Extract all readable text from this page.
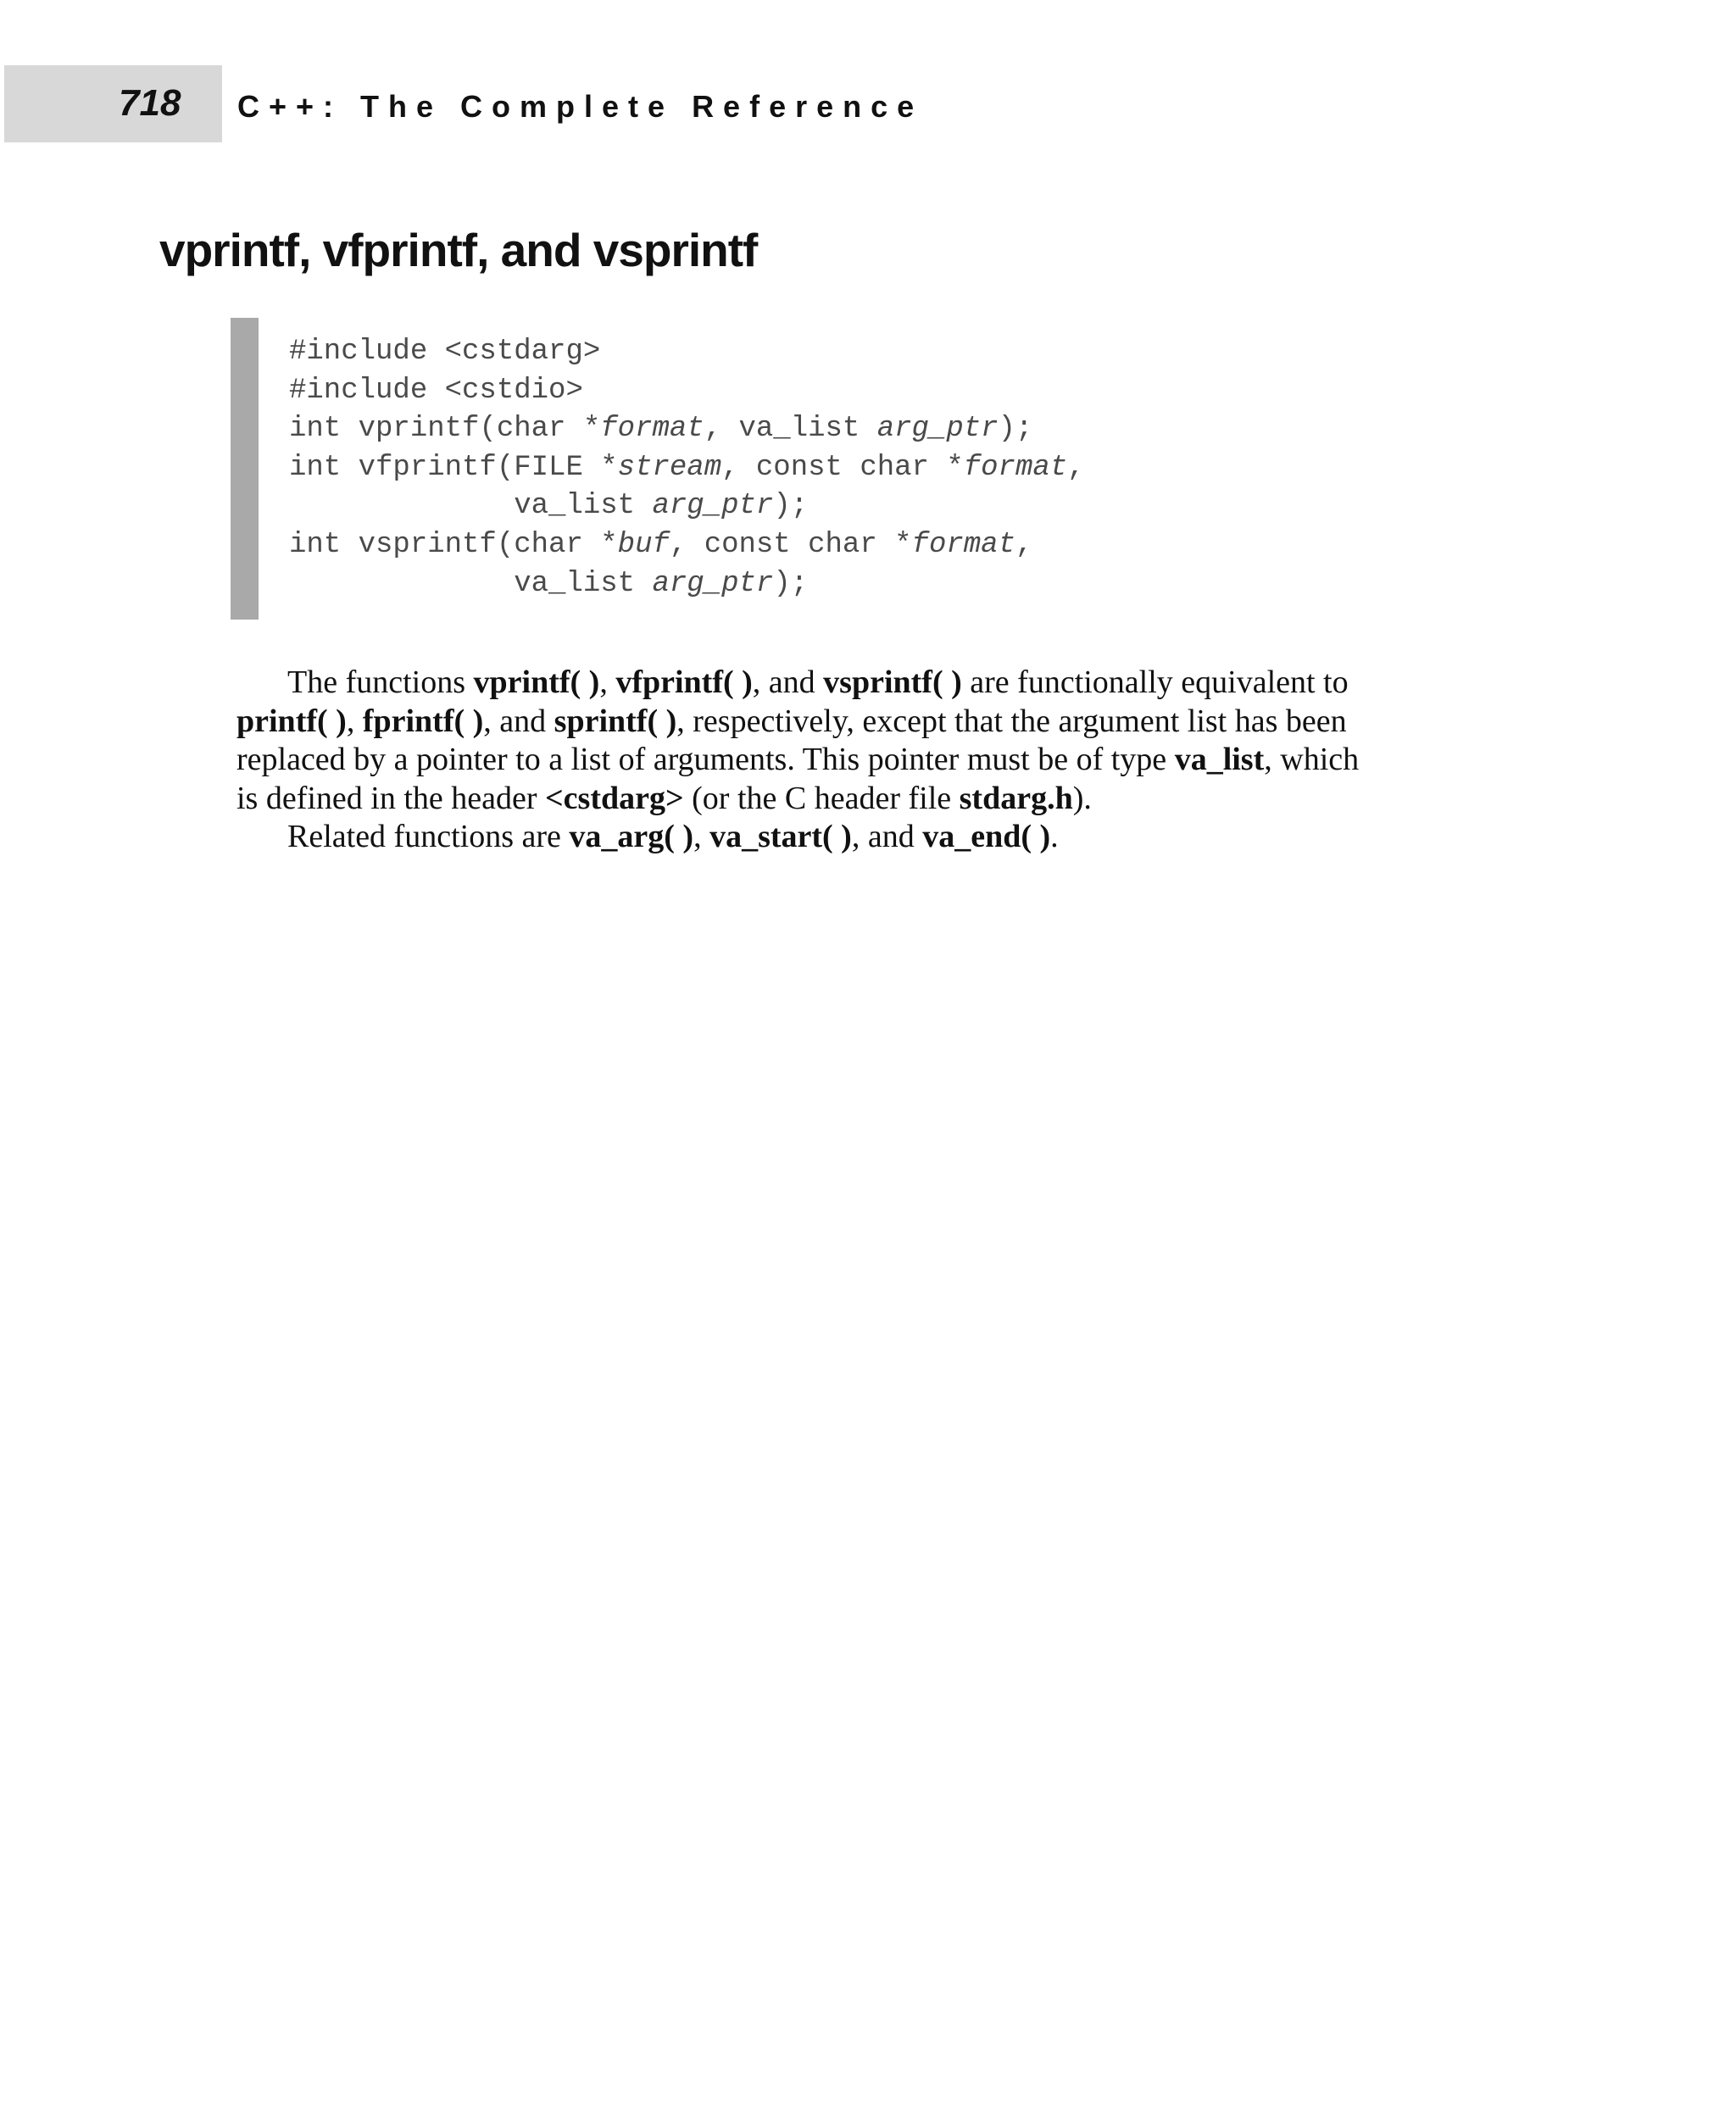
718 C++: The Complete Reference
vprintf, vfprintf, and vsprintf
#include <cstdarg>
#include <cstdio>
int vprintf(char *format, va_list arg_ptr);
int vfprintf(FILE *stream, const char *format,
va_list arg_ptr);
int vsprintf(char *buf, const char *format,
va_list arg_ptr);

The functions vprintf( ), vfprintf( ), and vsprintf( ) are functionally equivalent to
printf( ), fprintf( ), and sprintf( ), respectively, except that the argument list has been
replaced by a pointer to a list of arguments. This pointer must be of type va_list, which
is defined in the header <cstdarg> (or the C header file stdarg.h).

Related functions are va_arg( ), va_start( ), and va_end( ).
